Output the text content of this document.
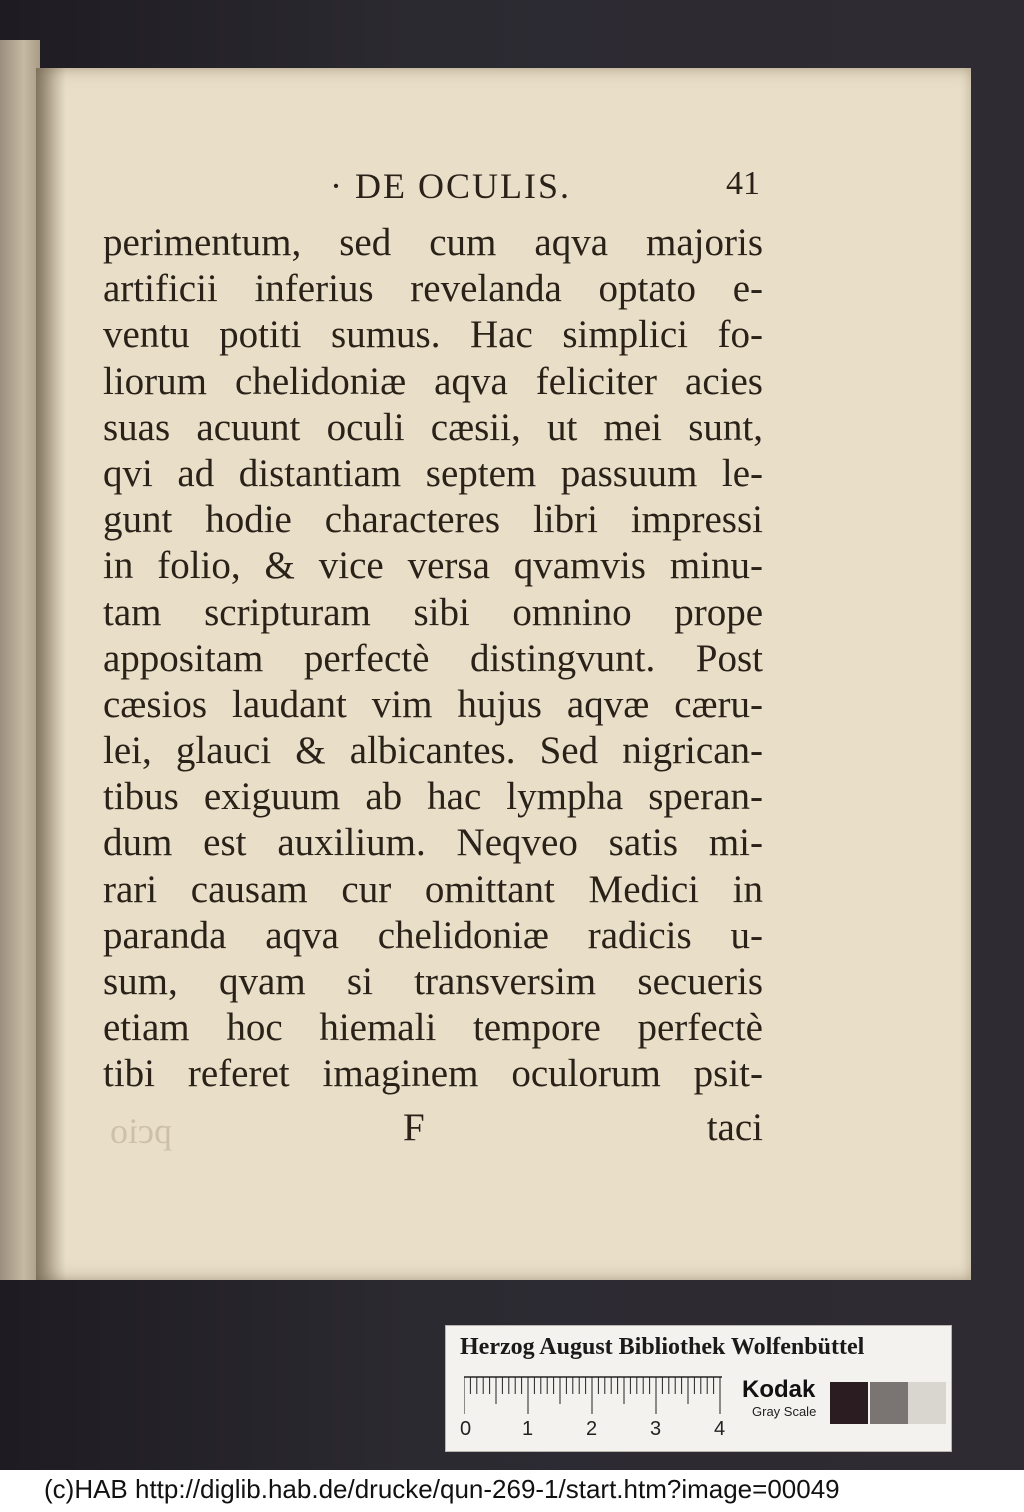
· DE OCULIS.	41
perimentum, sed cum aqva majoris
artificii inferius revelanda optato e-
ventu potiti sumus. Hac simplici fo-
liorum chelidoniæ aqva feliciter acies
suas acuunt oculi cæsii, ut mei sunt,
qvi ad distantiam septem passuum le-
gunt hodie characteres libri impressi
in folio, & vice versa qvamvis minu-
tam scripturam sibi omnino prope
appositam perfectè distingvunt. Post
cæsios laudant vim hujus aqvæ cæru-
lei, glauci & albicantes. Sed nigrican-
tibus exiguum ab hac lympha speran-
dum est auxilium. Neqveo satis mi-
rari causam cur omittant Medici in
paranda aqva chelidoniæ radicis u-
sum, qvam si transversim secueris
etiam hoc hiemali tempore perfectè
tibi referet imaginem oculorum psit-
F	taci
Herzog August Bibliothek Wolfenbüttel
0	1	2	3	4
Kodak
Gray Scale
pcio
(c)HAB http://diglib.hab.de/drucke/qun-269-1/start.htm?image=00049
